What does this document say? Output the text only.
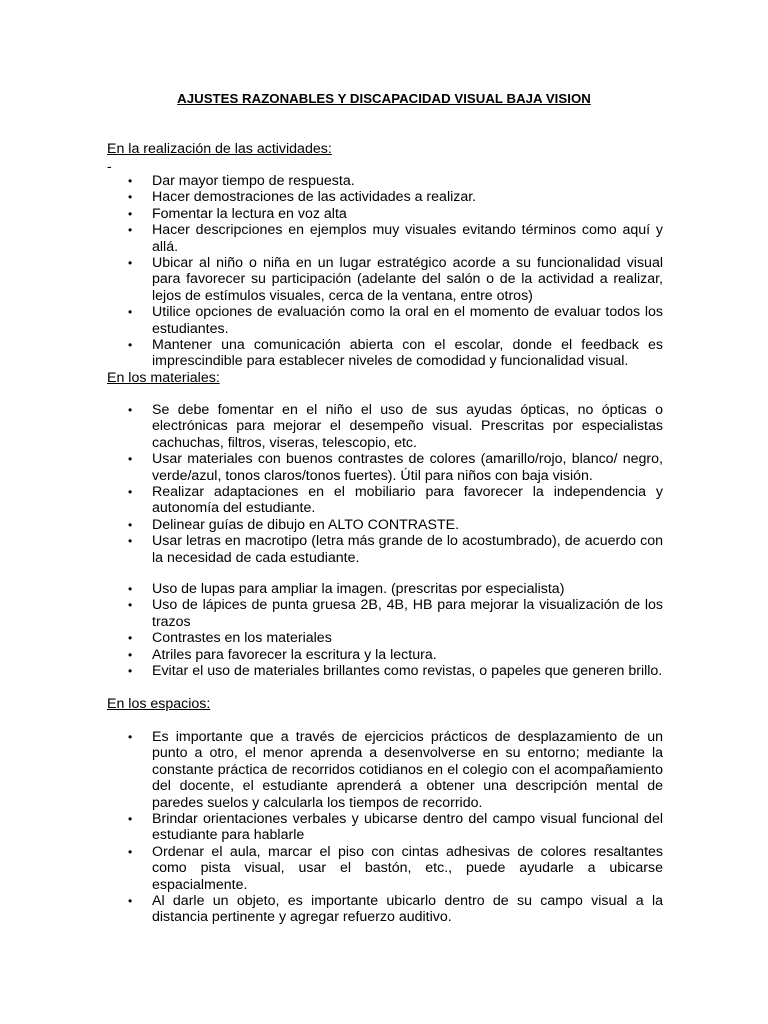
AJUSTES RAZONABLES Y DISCAPACIDAD VISUAL BAJA VISION

En la realización de las actividades:

-
• Dar mayor tiempo de respuesta.
• Hacer demostraciones de las actividades a realizar.
• Fomentar la lectura en voz alta
• Hacer descripciones en ejemplos muy visuales evitando términos como aquí y allá.
• Ubicar al niño o niña en un lugar estratégico acorde a su funcionalidad visual para favorecer su participación (adelante del salón o de la actividad a realizar, lejos de estímulos visuales, cerca de la ventana, entre otros)
• Utilice opciones de evaluación como la oral en el momento de evaluar todos los estudiantes.
• Mantener una comunicación abierta con el escolar, donde el feedback es imprescindible para establecer niveles de comodidad y funcionalidad visual.

En los materiales:

• Se debe fomentar en el niño el uso de sus ayudas ópticas, no ópticas o electrónicas para mejorar el desempeño visual. Prescritas por especialistas cachuchas, filtros, viseras, telescopio, etc.
• Usar materiales con buenos contrastes de colores (amarillo/rojo, blanco/ negro, verde/azul, tonos claros/tonos fuertes). Útil para niños con baja visión.
• Realizar adaptaciones en el mobiliario para favorecer la independencia y autonomía del estudiante.
• Delinear guías de dibujo en ALTO CONTRASTE.
• Usar letras en macrotipo (letra más grande de lo acostumbrado), de acuerdo con la necesidad de cada estudiante.
• Uso de lupas para ampliar la imagen. (prescritas por especialista)
• Uso de lápices de punta gruesa 2B, 4B, HB para mejorar la visualización de los trazos
• Contrastes en los materiales
• Atriles para favorecer la escritura y la lectura.
• Evitar el uso de materiales brillantes como revistas, o papeles que generen brillo.

En los espacios:

• Es importante que a través de ejercicios prácticos de desplazamiento de un punto a otro, el menor aprenda a desenvolverse en su entorno; mediante la constante práctica de recorridos cotidianos en el colegio con el acompañamiento del docente, el estudiante aprenderá a obtener una descripción mental de paredes suelos y calcularla los tiempos de recorrido.
• Brindar orientaciones verbales y ubicarse dentro del campo visual funcional del estudiante para hablarle
• Ordenar el aula, marcar el piso con cintas adhesivas de colores resaltantes como pista visual, usar el bastón, etc., puede ayudarle a ubicarse espacialmente.
• Al darle un objeto, es importante ubicarlo dentro de su campo visual a la distancia pertinente y agregar refuerzo auditivo.
